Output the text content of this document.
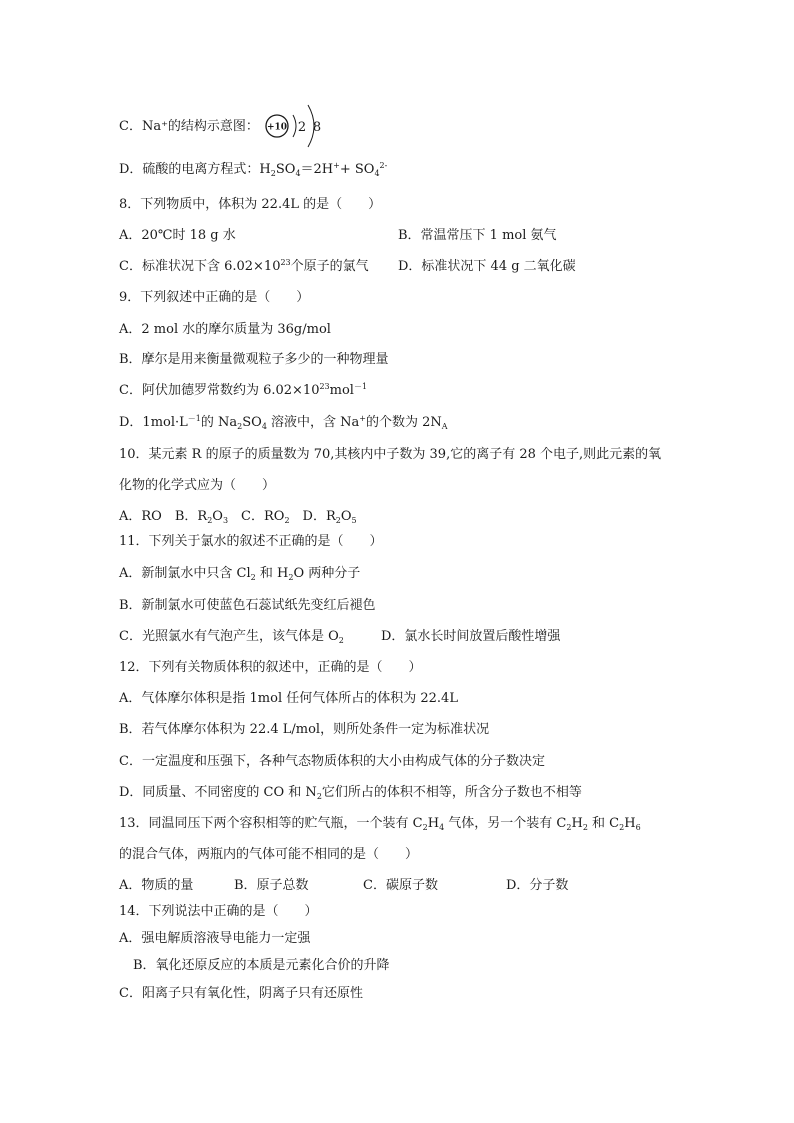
C．Na⁺的结构示意图： +10 2 8
D．硫酸的电离方程式：$H_2SO_4=2H^++ SO_4^{2-}$
8．下列物质中，体积为 22.4L 的是（　　）
A．20℃时 18 g 水	B．常温常压下 1 mol 氨气
C．标准状况下含 $6.02\times 10^{23}$个原子的氯气 D．标准状况下 44 g 二氧化碳
9．下列叙述中正确的是（　　）
A．2 mol 水的摩尔质量为 36g/mol
B．摩尔是用来衡量微观粒子多少的一种物理量
C．阿伏加德罗常数约为 $6.02\times 10^{23}mol^{-1}$
D．$1mol\cdot L^{-1}$的 $Na_2SO_4$ 溶液中，含 Na+的个数为 $2N_A$
10．某元素 R 的原子的质量数为 70,其核内中子数为 39,它的离子有 28 个电子,则此元素的氧
化物的化学式应为（　　）
A．RO　B．$R_2O_3$　C．$RO_2$　D．$R_2O_5$
11．下列关于氯水的叙述不正确的是（　　）
A．新制氯水中只含 $Cl_2$ 和 $H_2O$ 两种分子
B．新制氯水可使蓝色石蕊试纸先变红后褪色
C．光照氯水有气泡产生，该气体是 $O_2$	D．氯水长时间放置后酸性增强
12．下列有关物质体积的叙述中，正确的是（　　）
A．气体摩尔体积是指 1mol 任何气体所占的体积为 22.4L
B．若气体摩尔体积为 22.4 L/mol，则所处条件一定为标准状况
C．一定温度和压强下，各种气态物质体积的大小由构成气体的分子数决定
D．同质量、不同密度的 CO 和 $N_2$它们所占的体积不相等，所含分子数也不相等
13．同温同压下两个容积相等的贮气瓶，一个装有 $C_2H_4$ 气体，另一个装有 $C_2H_2$ 和 $C_2H_6$
的混合气体，两瓶内的气体可能不相同的是（　　）
A．物质的量	B．原子总数	C．碳原子数	D．分子数
14．下列说法中正确的是（　　）
A．强电解质溶液导电能力一定强
B．氧化还原反应的本质是元素化合价的升降
C．阳离子只有氧化性，阴离子只有还原性
